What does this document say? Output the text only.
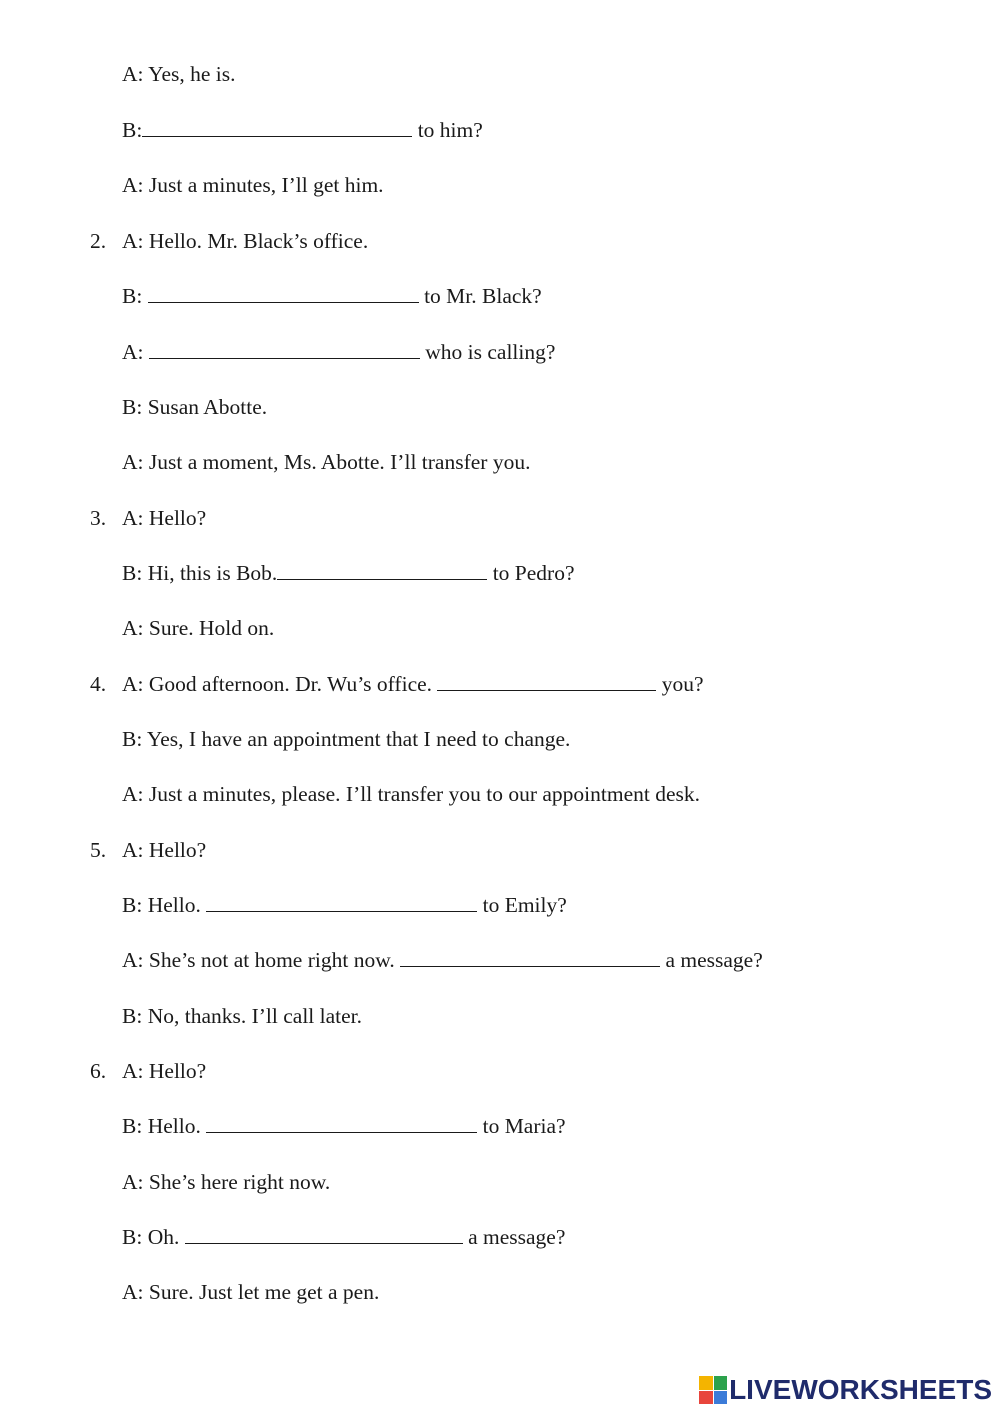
A: Yes, he is.
B:	to him?
A: Just a minutes, I’ll get him.
2. A: Hello. Mr. Black’s office.
B:	to Mr. Black?
A:	who is calling?
B: Susan Abotte.
A: Just a moment, Ms. Abotte. I’ll transfer you.
3. A: Hello?
B: Hi, this is Bob.	to Pedro?
A: Sure. Hold on.
4. A: Good afternoon. Dr. Wu’s office.	you?
B: Yes, I have an appointment that I need to change.
A: Just a minutes, please. I’ll transfer you to our appointment desk.
5. A: Hello?
B: Hello.	to Emily?
A: She’s not at home right now.	a message?
B: No, thanks. I’ll call later.
6. A: Hello?
B: Hello.	to Maria?
A: She’s here right now.
B: Oh.	a message?
A: Sure. Just let me get a pen.
LIVEWORKSHEETS
